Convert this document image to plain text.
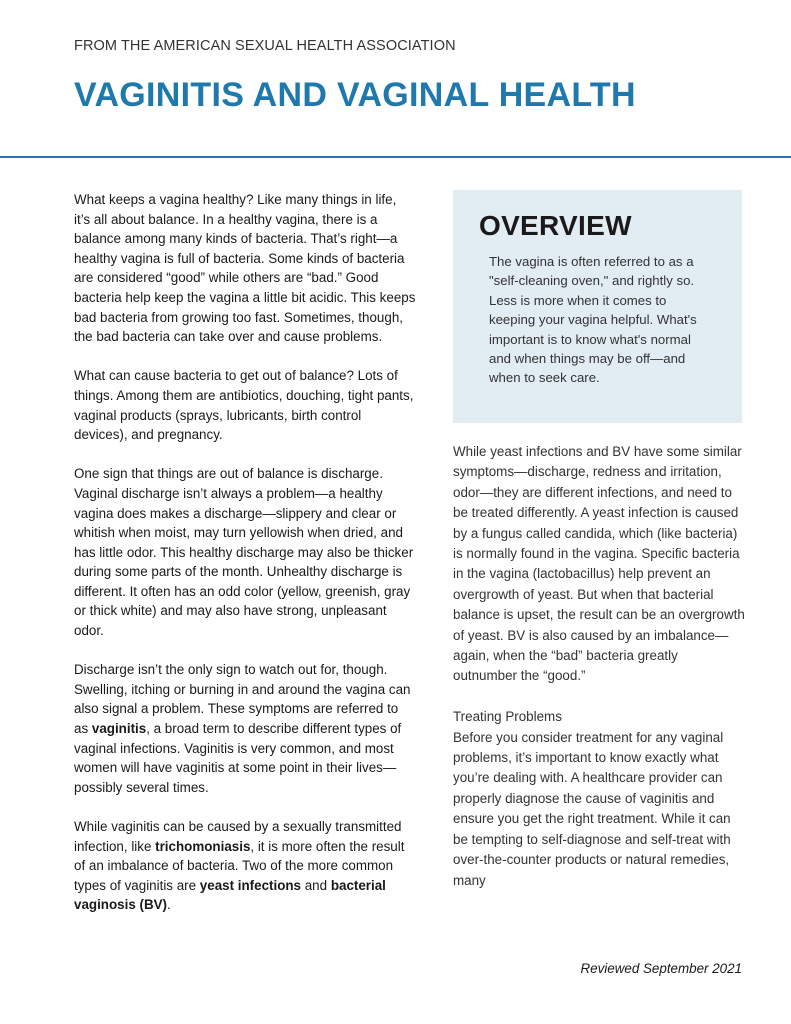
FROM THE AMERICAN SEXUAL HEALTH ASSOCIATION
VAGINITIS AND VAGINAL HEALTH

What keeps a vagina healthy? Like many things in life, it’s all about balance. In a healthy vagina, there is a balance among many kinds of bacteria. That’s right—a healthy vagina is full of bacteria. Some kinds of bacteria are considered “good” while others are “bad.” Good bacteria help keep the vagina a little bit acidic. This keeps bad bacteria from growing too fast. Sometimes, though, the bad bacteria can take over and cause problems.

What can cause bacteria to get out of balance? Lots of things. Among them are antibiotics, douching, tight pants, vaginal products (sprays, lubricants, birth control devices), and pregnancy.

One sign that things are out of balance is discharge. Vaginal discharge isn’t always a problem—a healthy vagina does makes a discharge—slippery and clear or whitish when moist, may turn yellowish when dried, and has little odor. This healthy discharge may also be thicker during some parts of the month. Unhealthy discharge is different. It often has an odd color (yellow, greenish, gray or thick white) and may also have strong, unpleasant odor.

Discharge isn’t the only sign to watch out for, though. Swelling, itching or burning in and around the vagina can also signal a problem. These symptoms are referred to as vaginitis, a broad term to describe different types of vaginal infections. Vaginitis is very common, and most women will have vaginitis at some point in their lives—possibly several times.

While vaginitis can be caused by a sexually transmitted infection, like trichomoniasis, it is more often the result of an imbalance of bacteria. Two of the more common types of vaginitis are yeast infections and bacterial vaginosis (BV).

OVERVIEW

The vagina is often referred to as a "self-cleaning oven," and rightly so. Less is more when it comes to keeping your vagina helpful. What's important is to know what's normal and when things may be off—and when to seek care.

While yeast infections and BV have some similar symptoms—discharge, redness and irritation, odor—they are different infections, and need to be treated differently. A yeast infection is caused by a fungus called candida, which (like bacteria) is normally found in the vagina. Specific bacteria in the vagina (lactobacillus) help prevent an overgrowth of yeast. But when that bacterial balance is upset, the result can be an overgrowth of yeast. BV is also caused by an imbalance—again, when the “bad” bacteria greatly outnumber the “good.”

Treating Problems
Before you consider treatment for any vaginal problems, it’s important to know exactly what you’re dealing with. A healthcare provider can properly diagnose the cause of vaginitis and ensure you get the right treatment. While it can be tempting to self-diagnose and self-treat with over-the-counter products or natural remedies, many

Reviewed September 2021
